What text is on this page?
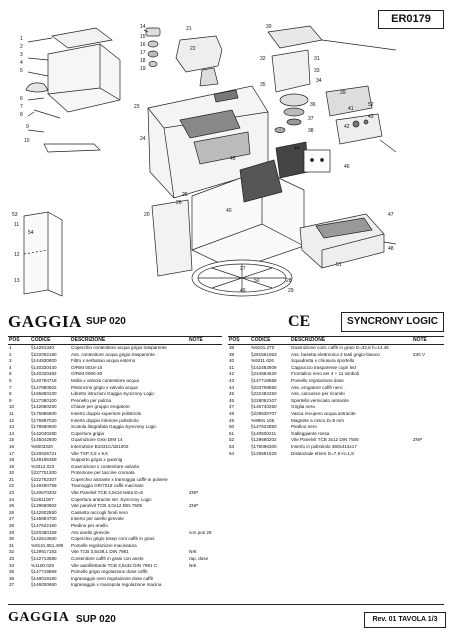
ER0179
1
2
3
4
5
6
7
8
9
10
11
12
13
14
15
16
17
18
19
20
21
22
23
24
25
26
27
28
29
30
31
32
33
34
35
36
37
38
39
40
41
42
43
44
45
46
47
48
49
50
51
52
53
54
GAGGIA SUP 020	CE	SYNCRONY LOGIC
POS	CODICE	DESCRIZIONE	NOTE
1	§14281340	Coperchio contenitore acqua grigio trasparente	
2	§222092180	Ass. contenitore acqua grigio trasparente	
3	§144930800	Filtro x serbatoio acqua esterno	
4	§140320440	O/RiM 0019-10	
5	§140320482	O/RiM 0080-30	
6	§120784718	Molla x valvola contenitore acqua	
7	§147880502	Pistoncino grigio x valvola acqua	
8	§165850100	Libretto istruzioni Gaggia Syncrony Logic	
9	§127380100	Pennello per pulizia	
10	§142860250	Chiave per gruppo erogatore	
11	§175886600	Inserto doppio superiore polistirolo	
12	§175887020	Inserto doppio inferiore polistirolo	
13	§178580600	Scatola litografata Gaggia Syncrony Logic	
14	§142040280	Copertura grigia	
15	§145042600	Guarnizione Gexi DIM 14	
16	%6003320	Interruttore B1031C/1B1003	
17	§120625721	Vite TSP 3,5 x 9,5	
18	§149185359	Supporto grigio x guarnig	
19	%3312.022	Guarnizione x contenitore valvola	
20	§227751300	Protezione per taccine cromata	
21	§222762307	Coperchio antrante x tramoggia caffè in polvere	
22	§149260759	Tramoggia GR/7018 caffè macinato	
23	§120670202	Vite Panelvit TCB 3,5x16 testa D=8	ZNP
24	§22811007	Copertura antracite ser. Syncrony Logic	
25	§129660902	Vite panelvit TCB 3,0x12 DIN 7505	ZNP
26	§142802550	Cassetto raccogli fondi nero	
27	§145884700	Inserto per anello girevole	
28	§147622150	Piedino per anello	
29	§220380159	Ass anello girevole	con pos 28
30	§142613660	Coperchio grigio tosep cont caffè in grani	
31	%9141.051.499	Pomello regolazione macinatura	
32	§129917163	Vite TCB 3,5x38,1 DIN 7981	NIK
33	§142713680	Contenitore caffè in grani con anelo	rap. dose
34	%1100.029	Vite autofilettante TCB 3,5x32 DIN 7981 C	NIK
35	§147719859	Pomello grigio regolazione dose caffè	
36	§149019180	Ingranaggio nero regolazione dose caffè	
37	§146000660	Ingranaggio x manopola regolazione macina	
POS	CODICE	DESCRIZIONE	NOTE
38	%9101.270	Guarnizione cont. caffè in grani D=32,8 h=14,45	
39	§281561063	Ass. basetta elettronica 3 tasti grigio-bianco	230 V
40	%9311.626	Squadretta x chiusura sportello	
41	§142482609	Cappuccio trasparente copri led	
42	§224884620	Frontalino nero ser 4 + 11 simboli	
43	§147718558	Pomello regolazione dose	
44	§223708550	Ass. erogatore caffè nero	
45	§222482250	Ass. cancasce per ricambi	
46	§228062107	Sportello verniciato antracite	
47	§145740250	Griglia nera	
48	§229630707	Vasca recupero acqua antracite	
49	%9991.105	Magnete a rosco D=9 mm	
50	§147622850	Piedino nero	
51	§140500211	Galleggiante rossa	
52	§129660202	Vite Panelvit TCB 3x12 DIN 7505	ZNP
53	§175096300	Inserto in polistirolo 380x413x17	
54	§125591620	Distanziale ettore D=7,5 H=1,8	
GAGGIA SUP 020	Rev. 01 TAVOLA 1/3
